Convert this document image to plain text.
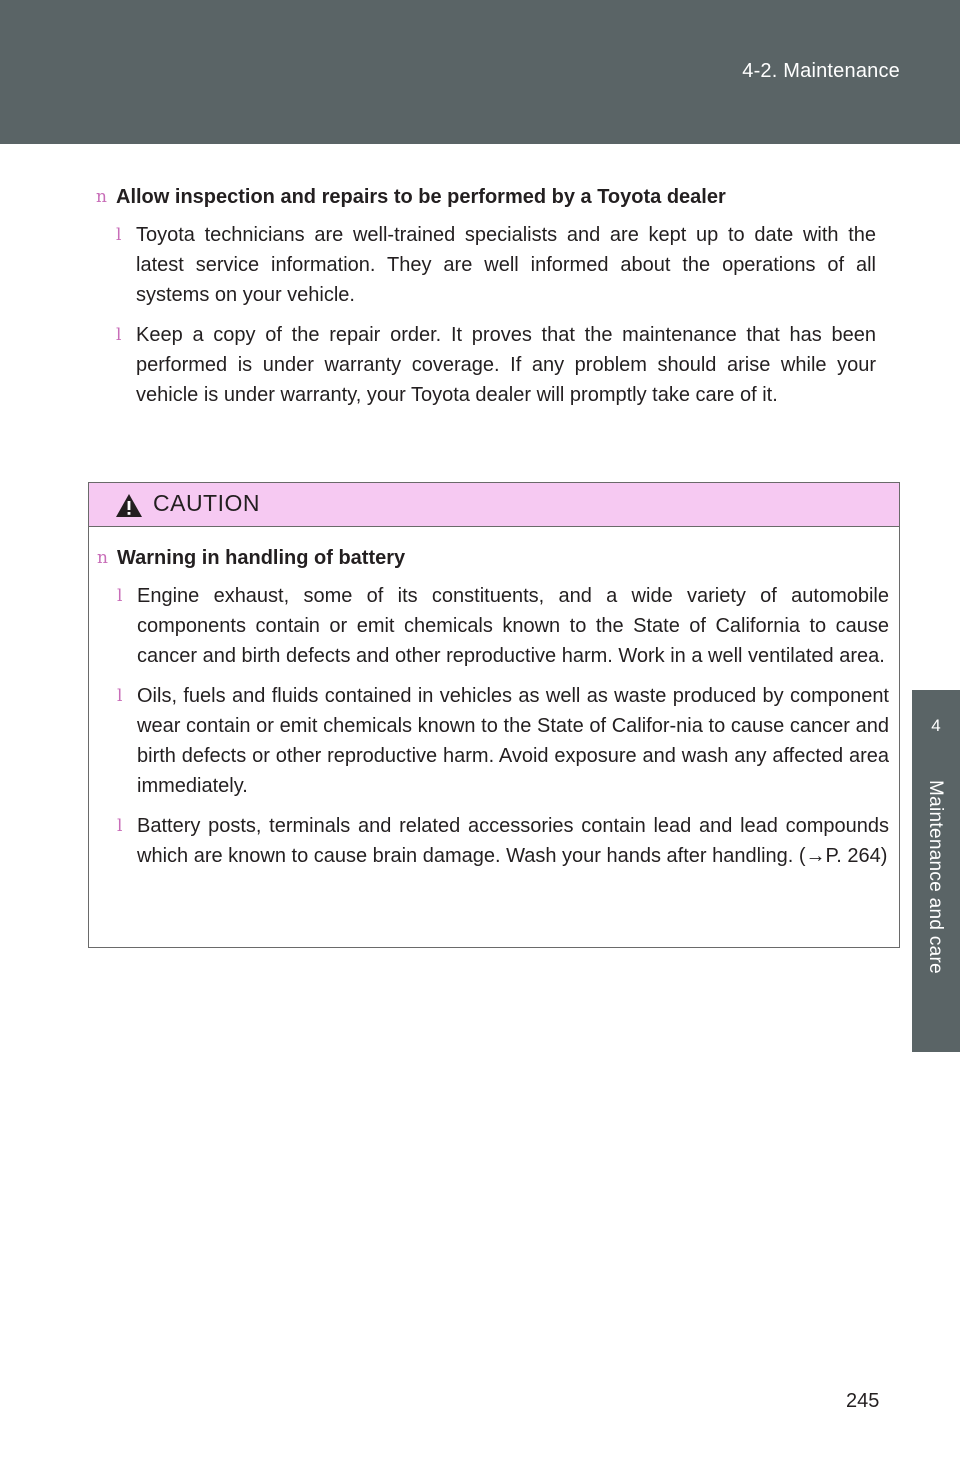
4-2. Maintenance
4
Maintenance and care
n Allow inspection and repairs to be performed by a Toyota dealer
l Toyota technicians are well-trained specialists and are kept up to date with the latest service information. They are well informed about the operations of all systems on your vehicle.
l Keep a copy of the repair order. It proves that the maintenance that has been performed is under warranty coverage. If any problem should arise while your vehicle is under warranty, your Toyota dealer will promptly take care of it.
CAUTION
n Warning in handling of battery
l Engine exhaust, some of its constituents, and a wide variety of automobile components contain or emit chemicals known to the State of California to cause cancer and birth defects and other reproductive harm. Work in a well ventilated area.
l Oils, fuels and fluids contained in vehicles as well as waste produced by component wear contain or emit chemicals known to the State of Califor-nia to cause cancer and birth defects or other reproductive harm. Avoid exposure and wash any affected area immediately.
l Battery posts, terminals and related accessories contain lead and lead compounds which are known to cause brain damage. Wash your hands after handling. (→P. 264)
245
